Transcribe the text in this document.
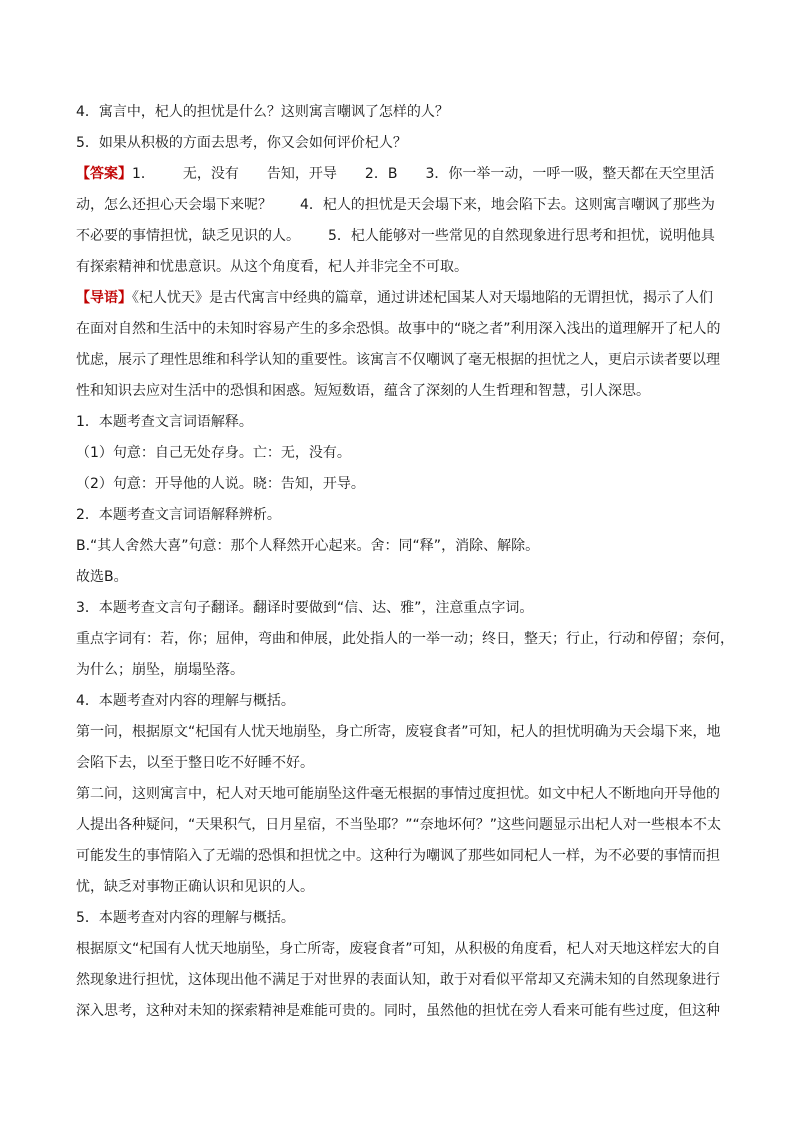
4．寓言中，杞人的担忧是什么？这则寓言嘲讽了怎样的人？
5．如果从积极的方面去思考，你又会如何评价杞人？
【答案】1． 无，没有 告知，开导 2．B 3．你一举一动，一呼一吸，整天都在天空里活
动，怎么还担心天会塌下来呢？ 4．杞人的担忧是天会塌下来，地会陷下去。这则寓言嘲讽了那些为
不必要的事情担忧，缺乏见识的人。 5．杞人能够对一些常见的自然现象进行思考和担忧，说明他具
有探索精神和忧患意识。从这个角度看，杞人并非完全不可取。
【导语】《杞人忧天》是古代寓言中经典的篇章，通过讲述杞国某人对天塌地陷的无谓担忧，揭示了人们
在面对自然和生活中的未知时容易产生的多余恐惧。故事中的“晓之者”利用深入浅出的道理解开了杞人的
忧虑，展示了理性思维和科学认知的重要性。该寓言不仅嘲讽了毫无根据的担忧之人，更启示读者要以理
性和知识去应对生活中的恐惧和困惑。短短数语，蕴含了深刻的人生哲理和智慧，引人深思。
1．本题考查文言词语解释。
（1）句意：自己无处存身。亡：无，没有。
（2）句意：开导他的人说。晓：告知，开导。
2．本题考查文言词语解释辨析。
B.“其人舍然大喜”句意：那个人释然开心起来。舍：同“释”，消除、解除。
故选B。
3．本题考查文言句子翻译。翻译时要做到“信、达、雅”，注意重点字词。
重点字词有：若，你；屈伸，弯曲和伸展，此处指人的一举一动；终日，整天；行止，行动和停留；奈何，
为什么；崩坠，崩塌坠落。
4．本题考查对内容的理解与概括。
第一问，根据原文“杞国有人忧天地崩坠，身亡所寄，废寝食者”可知，杞人的担忧明确为天会塌下来，地
会陷下去，以至于整日吃不好睡不好。
第二问，这则寓言中，杞人对天地可能崩坠这件毫无根据的事情过度担忧。如文中杞人不断地向开导他的
人提出各种疑问，“天果积气，日月星宿，不当坠耶？”“奈地坏何？”这些问题显示出杞人对一些根本不太
可能发生的事情陷入了无端的恐惧和担忧之中。这种行为嘲讽了那些如同杞人一样，为不必要的事情而担
忧，缺乏对事物正确认识和见识的人。
5．本题考查对内容的理解与概括。
根据原文“杞国有人忧天地崩坠，身亡所寄，废寝食者”可知，从积极的角度看，杞人对天地这样宏大的自
然现象进行担忧，这体现出他不满足于对世界的表面认知，敢于对看似平常却又充满未知的自然现象进行
深入思考，这种对未知的探索精神是难能可贵的。同时，虽然他的担忧在旁人看来可能有些过度，但这种
